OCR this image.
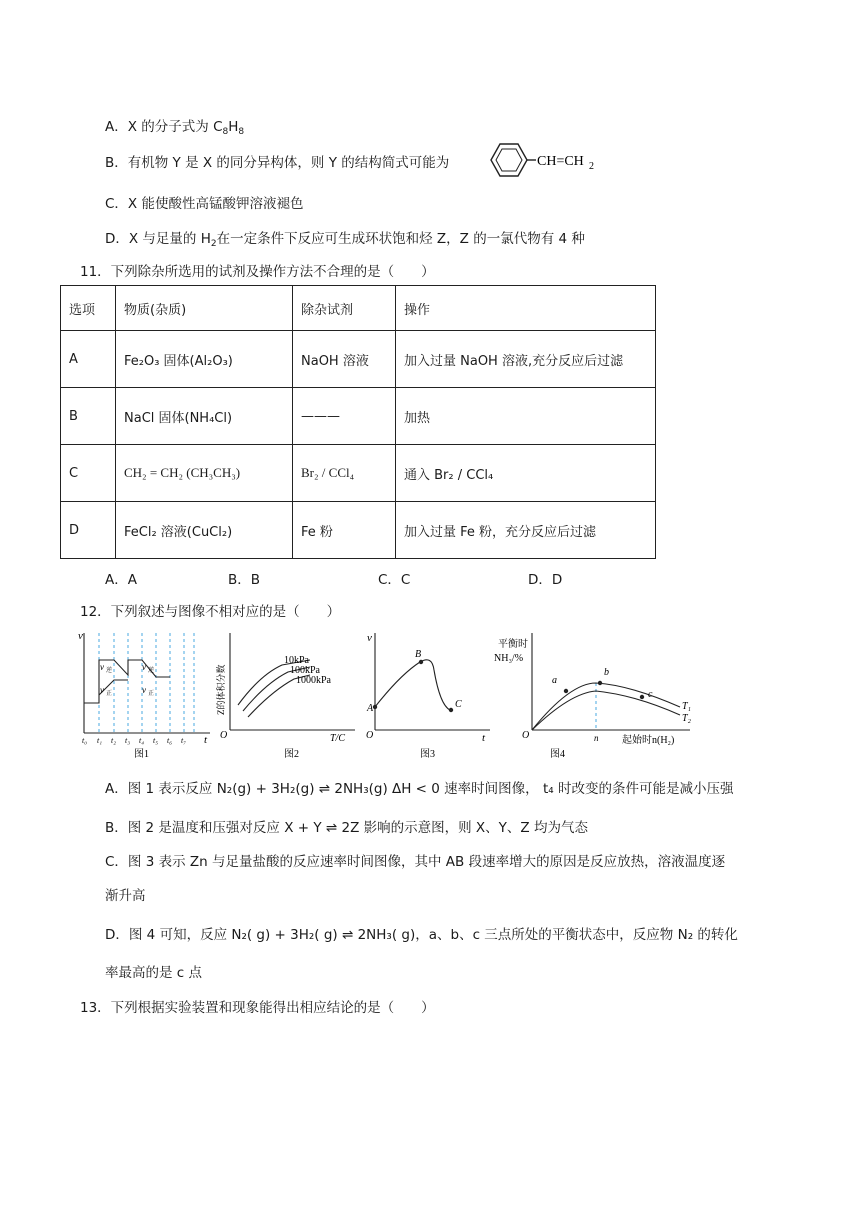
A．X 的分子式为 $C_8H_8$
B．有机物 Y 是 X 的同分异构体，则 Y 的结构简式可能为	CH=CH 2
C．X 能使酸性高锰酸钾溶液褪色
D．X 与足量的 $H_2$在一定条件下反应可生成环状饱和烃 Z，Z 的一氯代物有 4 种
11．下列除杂所选用的试剂及操作方法不合理的是（　　）
选项	物质(杂质)	除杂试剂	操作
A	Fe₂O₃ 固体(Al₂O₃)	NaOH 溶液	加入过量 NaOH 溶液,充分反应后过滤
B	NaCl 固体(NH₄Cl)	———	加热
C	CH₂ = CH₂ (CH₃CH₃)	Br₂ / CCl₄	通入 Br₂ / CCl₄
D	FeCl₂ 溶液(CuCl₂)	Fe 粉	加入过量 Fe 粉，充分反应后过滤
A．A	B．B	C．C	D．D
12．下列叙述与图像不相对应的是（　　）
v
t
v 逆
v 正
v 逆
v 正
t₀ t₁ t₂ t₃ t₄ t₅ t₆ t₇
图1
Z的体积分数
O	T/C
10kPa
100kPa
1000kPa
图2
v
O	t
A
B
C
图3
平衡时
NH₃/%
O	n 起始时n(H₂)
a
b
c
T₁
T₂
图4
A．图 1 表示反应 N₂(g) + 3H₂(g) ⇌ 2NH₃(g) ΔH < 0 速率时间图像， t₄ 时改变的条件可能是减小压强
B．图 2 是温度和压强对反应 X + Y ⇌ 2Z 影响的示意图，则 X、Y、Z 均为气态
C．图 3 表示 Zn 与足量盐酸的反应速率时间图像，其中 AB 段速率增大的原因是反应放热，溶液温度逐
渐升高
D．图 4 可知，反应 N₂( g) + 3H₂( g) ⇌ 2NH₃( g)，a、b、c 三点所处的平衡状态中，反应物 N₂ 的转化
率最高的是 c 点
13．下列根据实验装置和现象能得出相应结论的是（　　）
